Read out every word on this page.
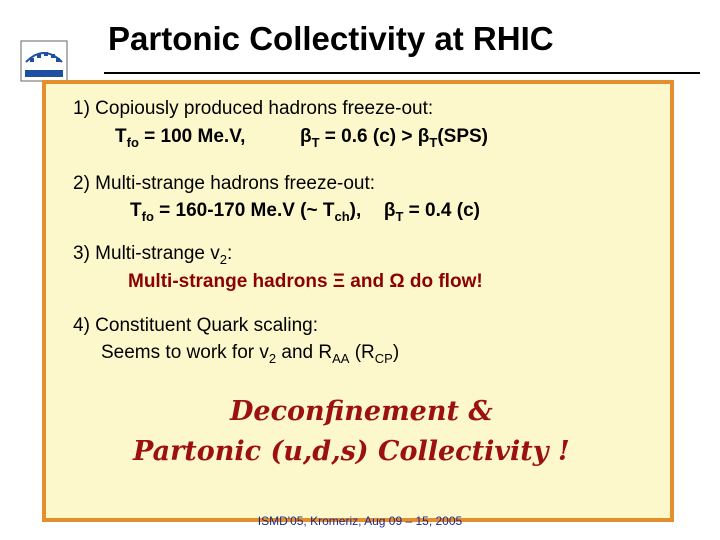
Partonic Collectivity at RHIC
1) Copiously produced hadrons freeze-out:
$T_{fo} = 100$ Me.V,	$\beta_T = 0.6$ $(c) > \beta_T(SPS)$
2) Multi-strange hadrons freeze-out:
$T_{fo} = 160-170$ Me.V (~ $T_{ch}$), $\beta_T = 0.4$ (c)
3) Multi-strange $v_2$:
Multi-strange hadrons Ξ and Ω do flow!
4) Constituent Quark scaling:
Seems to work for $v_2$ and $R_{AA}$ $(R_{CP})$
Deconfinement &
Partonic (u,d,s) Collectivity !
ISMD'05, Kromeriz, Aug 09 – 15, 2005
